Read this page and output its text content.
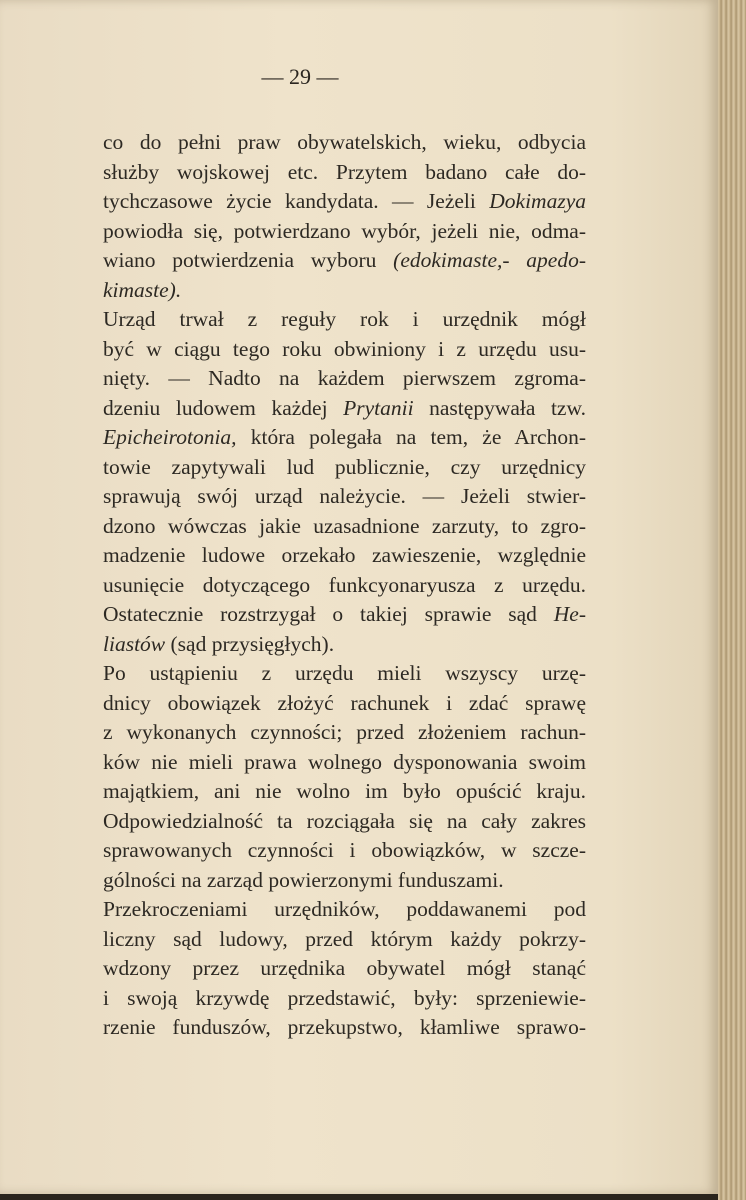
— 29 —
co do pełni praw obywatelskich, wieku, odbycia
służby wojskowej etc. Przytem badano całe do-
tychczasowe życie kandydata. — Jeżeli Dokimazya
powiodła się, potwierdzano wybór, jeżeli nie, odma-
wiano potwierdzenia wyboru (edokimaste,- apedo-
kimaste).
Urząd trwał z reguły rok i urzędnik mógł
być w ciągu tego roku obwiniony i z urzędu usu-
nięty. — Nadto na każdem pierwszem zgroma-
dzeniu ludowem każdej Prytanii następywała tzw.
Epicheirotonia, która polegała na tem, że Archon-
towie zapytywali lud publicznie, czy urzędnicy
sprawują swój urząd należycie. — Jeżeli stwier-
dzono wówczas jakie uzasadnione zarzuty, to zgro-
madzenie ludowe orzekało zawieszenie, względnie
usunięcie dotyczącego funkcyonaryusza z urzędu.
Ostatecznie rozstrzygał o takiej sprawie sąd He-
liastów (sąd przysięgłych).
Po ustąpieniu z urzędu mieli wszyscy urzę-
dnicy obowiązek złożyć rachunek i zdać sprawę
z wykonanych czynności; przed złożeniem rachun-
ków nie mieli prawa wolnego dysponowania swoim
majątkiem, ani nie wolno im było opuścić kraju.
Odpowiedzialność ta rozciągała się na cały zakres
sprawowanych czynności i obowiązków, w szcze-
gólności na zarząd powierzonymi funduszami.
Przekroczeniami urzędników, poddawanemi pod
liczny sąd ludowy, przed którym każdy pokrzy-
wdzony przez urzędnika obywatel mógł stanąć
i swoją krzywdę przedstawić, były: sprzeniewie-
rzenie funduszów, przekupstwo, kłamliwe sprawo-
